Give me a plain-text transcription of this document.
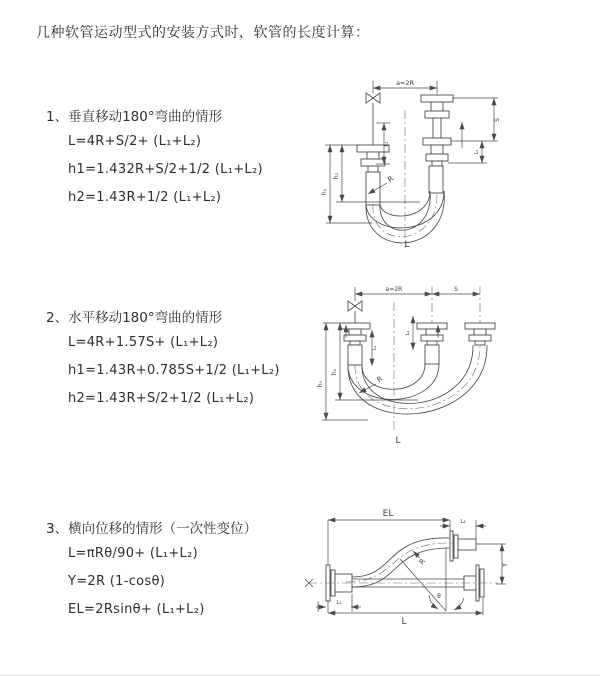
几种软管运动型式的安装方式时，软管的长度计算：
1、垂直移动180°弯曲的情形
L=4R+S/2+ (L₁+L₂)
h1=1.432R+S/2+1/2 (L₁+L₂)
h2=1.43R+1/2 (L₁+L₂)
2、水平移动180°弯曲的情形
L=4R+1.57S+ (L₁+L₂)
h1=1.43R+0.785S+1/2 (L₁+L₂)
h2=1.43R+S/2+1/2 (L₁+L₂)
3、横向位移的情形（一次性变位）
L=πRθ/90+ (L₁+L₂)
Y=2R (1-cosθ)
EL=2Rsinθ+ (L₁+L₂)
a=2R
L₁
S
L₂
h₁
h₂	R
L
a=2R	S
L₁
L₂
h₁
h₂
R
L
EL
L₂
Y
θ
R
L₁
L
